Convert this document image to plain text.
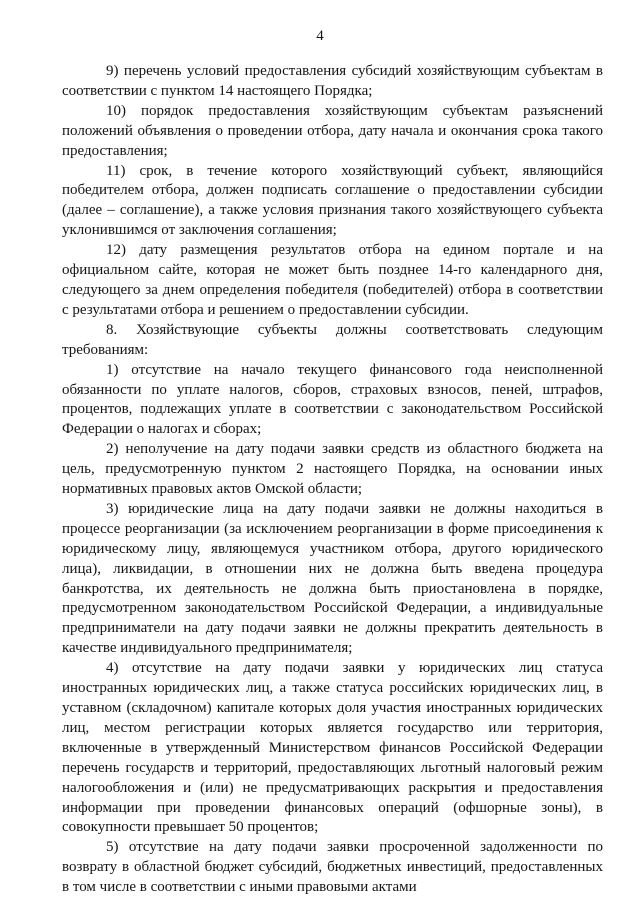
4

9) перечень условий предоставления субсидий хозяйствующим субъектам в соответствии с пунктом 14 настоящего Порядка;

10) порядок предоставления хозяйствующим субъектам разъяснений положений объявления о проведении отбора, дату начала и окончания срока такого предоставления;

11) срок, в течение которого хозяйствующий субъект, являющийся победителем отбора, должен подписать соглашение о предоставлении субсидии (далее – соглашение), а также условия признания такого хозяйствующего субъекта уклонившимся от заключения соглашения;

12) дату размещения результатов отбора на едином портале и на официальном сайте, которая не может быть позднее 14-го календарного дня, следующего за днем определения победителя (победителей) отбора в соответствии с результатами отбора и решением о предоставлении субсидии.

8. Хозяйствующие субъекты должны соответствовать следующим требованиям:

1) отсутствие на начало текущего финансового года неисполненной обязанности по уплате налогов, сборов, страховых взносов, пеней, штрафов, процентов, подлежащих уплате в соответствии с законодательством Российской Федерации о налогах и сборах;

2) неполучение на дату подачи заявки средств из областного бюджета на цель, предусмотренную пунктом 2 настоящего Порядка, на основании иных нормативных правовых актов Омской области;

3) юридические лица на дату подачи заявки не должны находиться в процессе реорганизации (за исключением реорганизации в форме присоединения к юридическому лицу, являющемуся участником отбора, другого юридического лица), ликвидации, в отношении них не должна быть введена процедура банкротства, их деятельность не должна быть приостановлена в порядке, предусмотренном законодательством Российской Федерации, а индивидуальные предприниматели на дату подачи заявки не должны прекратить деятельность в качестве индивидуального предпринимателя;

4) отсутствие на дату подачи заявки у юридических лиц статуса иностранных юридических лиц, а также статуса российских юридических лиц, в уставном (складочном) капитале которых доля участия иностранных юридических лиц, местом регистрации которых является государство или территория, включенные в утвержденный Министерством финансов Российской Федерации перечень государств и территорий, предоставляющих льготный налоговый режим налогообложения и (или) не предусматривающих раскрытия и предоставления информации при проведении финансовых операций (офшорные зоны), в совокупности превышает 50 процентов;

5) отсутствие на дату подачи заявки просроченной задолженности по возврату в областной бюджет субсидий, бюджетных инвестиций, предоставленных в том числе в соответствии с иными правовыми актами
